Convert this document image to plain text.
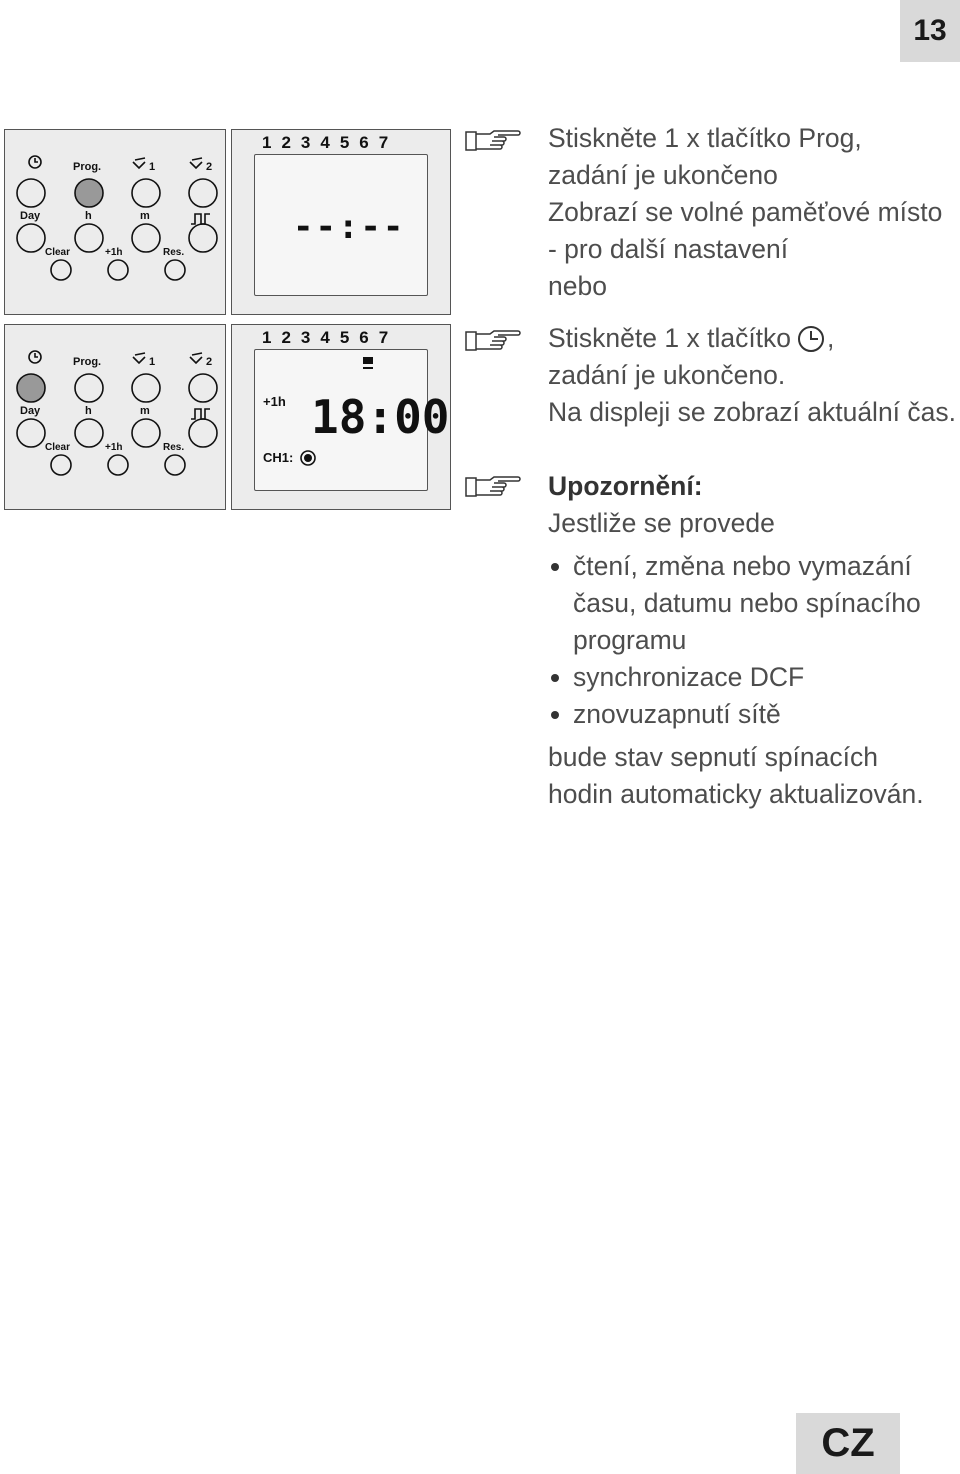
13
Prog.	1	2
Day	h	m
Clear	+1h	Res.
1234567
--:--
Prog.	1	2
Day	h	m
Clear	+1h	Res.
1234567
+1h 18:00
CH1:

Stiskněte 1 x tlačítko Prog,

zadání je ukončeno

Zobrazí se volné paměťové místo

- pro další nastavení

nebo

Stiskněte 1 x tlačítko ,

zadání je ukončeno.

Na displeji se zobrazí aktuální čas.

Upozornění:

Jestliže se provede

čtení, změna nebo vymazání času, datumu nebo spínacího programu
synchronizace DCF
znovuzapnutí sítě

bude stav sepnutí spínacích hodin automaticky aktualizován.

CZ
